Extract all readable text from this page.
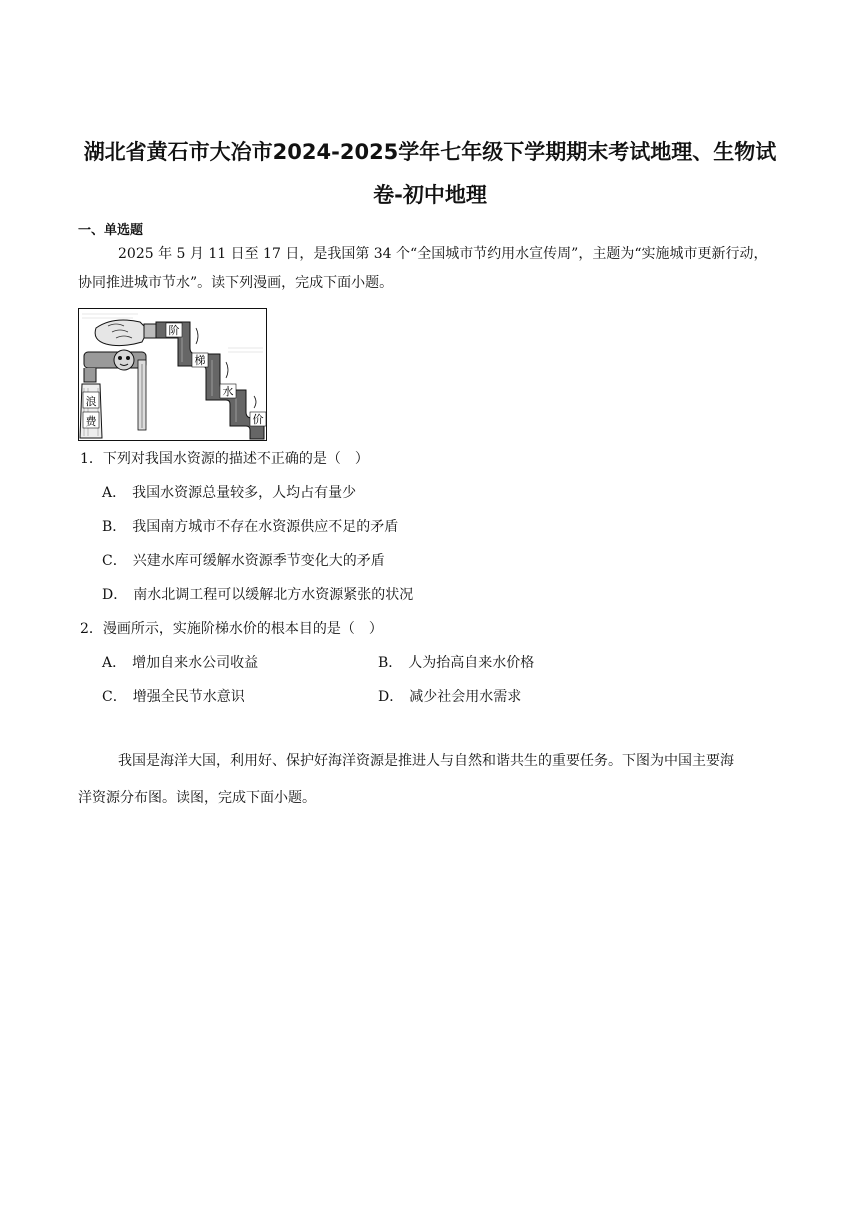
湖北省黄石市大冶市2024-2025学年七年级下学期期末考试地理、生物试
卷-初中地理
一、单选题
2025 年 5 月 11 日至 17 日，是我国第 34 个“全国城市节约用水宣传周”，主题为“实施城市更新行动，
协同推进城市节水”。读下列漫画，完成下面小题。
浪
费
阶
梯
水
价
1．下列对我国水资源的描述不正确的是（　）
A． 我国水资源总量较多，人均占有量少
B． 我国南方城市不存在水资源供应不足的矛盾
C． 兴建水库可缓解水资源季节变化大的矛盾
D． 南水北调工程可以缓解北方水资源紧张的状况
2．漫画所示，实施阶梯水价的根本目的是（　）
A． 增加自来水公司收益	B． 人为抬高自来水价格
C． 增强全民节水意识	D． 减少社会用水需求
我国是海洋大国，利用好、保护好海洋资源是推进人与自然和谐共生的重要任务。下图为中国主要海
洋资源分布图。读图，完成下面小题。
